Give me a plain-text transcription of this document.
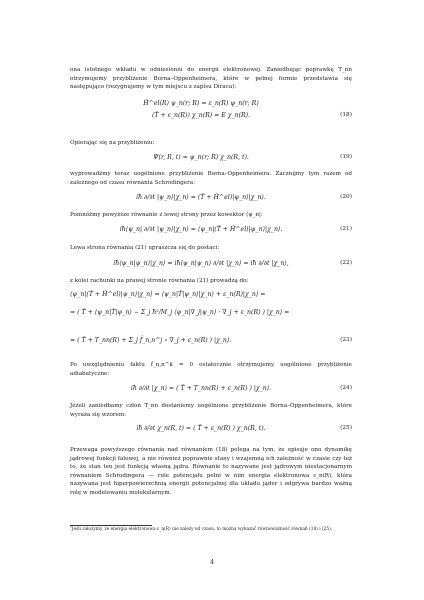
ona istotnego wkładu w odniesieniu do energii elektronowej. Zaniedbując poprawkę T_nn otrzymujemy przybliżenie Borna–Oppenheimera, które w pełnej formie przedstawia się następująco (rezygnujemy w tym miejscu z zapisu Diraca):
Ĥ^el(R) ψ_n(r; R) = ε_n(R) ψ_n(r; R)
(T̂ + ε_n(R)) χ_n(R) = E χ_n(R).	(18)
Opierając się na przybliżeniu:
Ψ(r, R, t) = ψ_n(r; R) χ_n(R, t).	(19)
wyprowadźmy teraz uogólnione przybliżenie Borna–Oppenheimera. Zacznijmy tym razem od zależnego od czasu równania Schrodingera:
iħ ∂/∂t |ψ_n⟩|χ_n⟩ = (T̂ + Ĥ^el)|ψ_n⟩|χ_n⟩.	(20)
Pomnóżmy powyższe równanie z lewej strony przez kowektor ⟨ψ_n|:
iħ⟨ψ_n| ∂/∂t |ψ_n⟩|χ_n⟩ = ⟨ψ_n|(T̂ + Ĥ^el)|ψ_n⟩|χ_n⟩.	(21)
Lewa strona równania (21) upraszcza się do postaci:
iħ⟨ψ_n|ψ_n⟩|χ_n⟩ = iħ⟨ψ_n|ψ_n⟩ ∂/∂t |χ_n⟩ = iħ ∂/∂t |χ_n⟩,	(22)
z kolei rachunki na prawej stronie równania (21) prowadzą do:
⟨ψ_n|(T̂ + Ĥ^el)|ψ_n⟩|χ_n⟩ = ⟨ψ_n|T̂|ψ_n⟩|χ_n⟩ + ε_n(R)|χ_n⟩ =
= ( T̂ + ⟨ψ_n|T̂|ψ_n⟩ − Σ_j ħ²/M_j ⟨ψ_n|∇_j|ψ_n⟩ · ∇_j + ε_n(R) ) |χ_n⟩ =
= ( T̂ + T_nn(R) + Σ_j f̂_n,n^j ∘ ∇_j + ε_n(R) ) |χ_n⟩.	(23)
Po uwzględnieniu faktu f̂_n,n^k = 0 ostatecznie otrzymujemy uogólnione przybliżenie adiabatyczne:
iħ ∂/∂t |χ_n⟩ = ( T̂ + T_nn(R) + ε_n(R) ) |χ_n⟩.	(24)
Jeżeli zaniedbamy człon T_nn dostaniemy uogólnione przybliżenie Borna–Oppenheimera, które wyraża się wzorem:
iħ ∂/∂t χ_n(R, t) = ( T̂ + ε_n(R) ) χ_n(R, t).	(25)
Przewaga powyższego równania nad równaniem (18) polega na tym, że opisuje ono dynamikę jądrowej funkcji falowej, a nie również poprawnie stany i wzajemną ich zależność w czasie czy też to, że stan ten jest funkcją własną jądra. Równanie to nazywane jest jądrowym niestacjonarnym równaniem Schrodingera — role potencjału pełni w nim energia elektronowa ε_n(R), która nazywana jest hiperpowierzchnią energii potencjalnej dla układu jąder i odgrywa bardzo ważną rolę w modelowaniu molekularnym.
⁷Jeśli założymy, że energia elektronowa ε_n(R) nie zależy od czasu, to można wykazać równoważność równań (18) i (25).
4
